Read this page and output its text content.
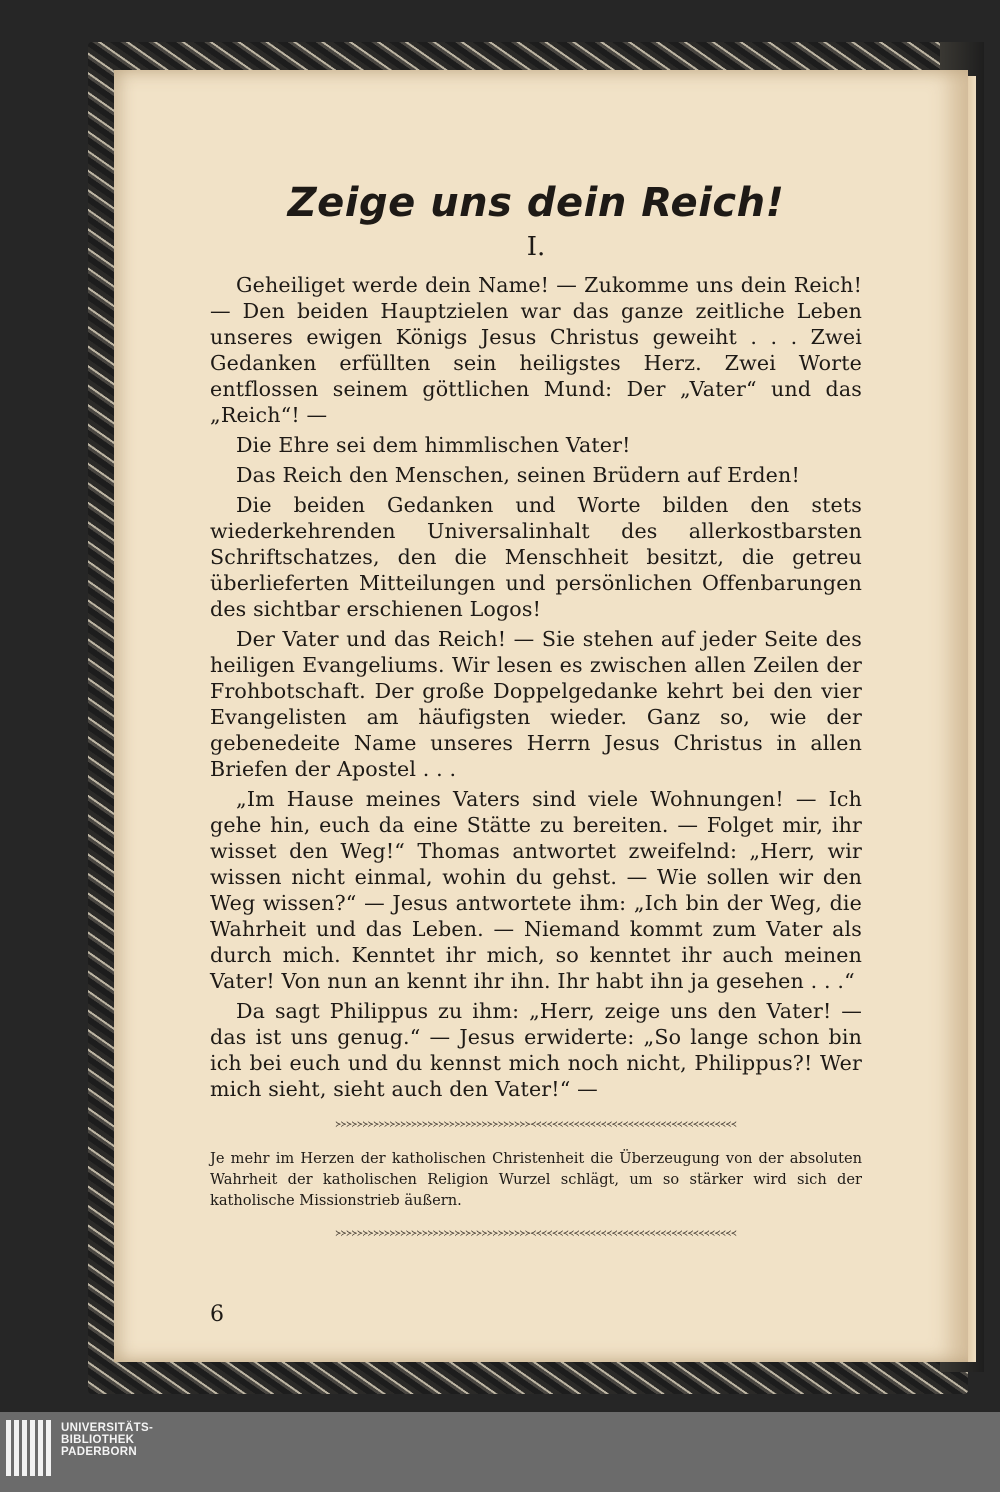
Zeige uns dein Reich!
I.

Geheiliget werde dein Name! — Zukomme uns dein Reich! — Den beiden Hauptzielen war das ganze zeitliche Leben unseres ewigen Königs Jesus Christus geweiht . . . Zwei Gedanken erfüllten sein heiligstes Herz. Zwei Worte entflossen seinem göttlichen Mund: Der „Vater“ und das „Reich“! —

Die Ehre sei dem himmlischen Vater!

Das Reich den Menschen, seinen Brüdern auf Erden!

Die beiden Gedanken und Worte bilden den stets wiederkehrenden Universalinhalt des allerkostbarsten Schriftschatzes, den die Menschheit besitzt, die getreu überlieferten Mitteilungen und persönlichen Offenbarungen des sichtbar erschienen Logos!

Der Vater und das Reich! — Sie stehen auf jeder Seite des heiligen Evangeliums. Wir lesen es zwischen allen Zeilen der Frohbotschaft. Der große Doppelgedanke kehrt bei den vier Evangelisten am häufigsten wieder. Ganz so, wie der gebenedeite Name unseres Herrn Jesus Christus in allen Briefen der Apostel . . .

„Im Hause meines Vaters sind viele Wohnungen! — Ich gehe hin, euch da eine Stätte zu bereiten. — Folget mir, ihr wisset den Weg!“ Thomas antwortet zweifelnd: „Herr, wir wissen nicht einmal, wohin du gehst. — Wie sollen wir den Weg wissen?“ — Jesus antwortete ihm: „Ich bin der Weg, die Wahrheit und das Leben. — Niemand kommt zum Vater als durch mich. Kenntet ihr mich, so kenntet ihr auch meinen Vater! Von nun an kennt ihr ihn. Ihr habt ihn ja gesehen . . .“

Da sagt Philippus zu ihm: „Herr, zeige uns den Vater! — das ist uns genug.“ — Jesus erwiderte: „So lange schon bin ich bei euch und du kennst mich noch nicht, Philippus?! Wer mich sieht, sieht auch den Vater!“ —

≻≻≻≻≻≻≻≻≻≻≻≻≻≻≻≻≻≻≻≻≻≻≻≻≻≻≻≻≻≻≻≻≻≻≻≻≺≺≺≺≺≺≺≺≺≺≺≺≺≺≺≺≺≺≺≺≺≺≺≺≺≺≺≺≺≺≺≺≺≺≺≺≺≺

Je mehr im Herzen der katholischen Christenheit die Überzeugung von der absoluten Wahrheit der katholischen Religion Wurzel schlägt, um so stärker wird sich der katholische Missionstrieb äußern.

≻≻≻≻≻≻≻≻≻≻≻≻≻≻≻≻≻≻≻≻≻≻≻≻≻≻≻≻≻≻≻≻≻≻≻≻≺≺≺≺≺≺≺≺≺≺≺≺≺≺≺≺≺≺≺≺≺≺≺≺≺≺≺≺≺≺≺≺≺≺≺≺≺≺
6
UNIVERSITÄTS-
BIBLIOTHEK
PADERBORN
